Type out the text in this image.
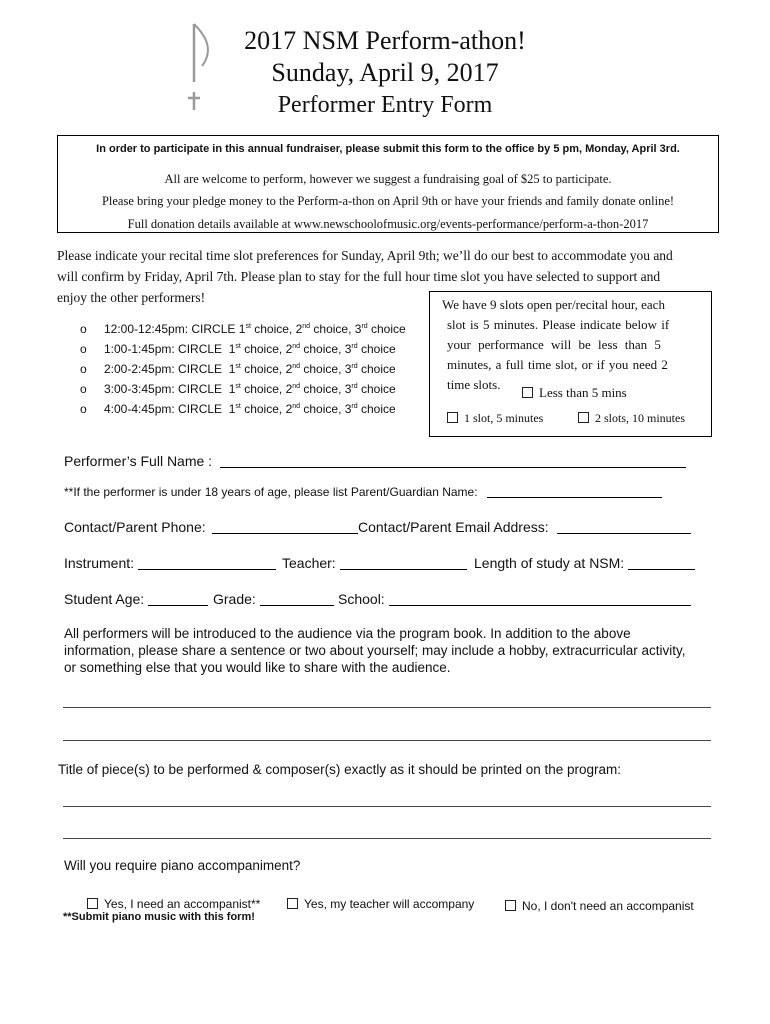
2017 NSM Perform-athon!
Sunday, April 9, 2017
Performer Entry Form
In order to participate in this annual fundraiser, please submit this form to the office by 5 pm, Monday, April 3rd.
All are welcome to perform, however we suggest a fundraising goal of $25 to participate.
Please bring your pledge money to the Perform-a-thon on April 9th or have your friends and family donate online!
Full donation details available at www.newschoolofmusic.org/events-performance/perform-a-thon-2017
Please indicate your recital time slot preferences for Sunday, April 9th; we’ll do our best to accommodate you and
will confirm by Friday, April 7th. Please plan to stay for the full hour time slot you have selected to support and
enjoy the other performers!
o 12:00-12:45pm: CIRCLE 1st choice, 2nd choice, 3rd choice
o 1:00-1:45pm: CIRCLE  1st choice, 2nd choice, 3rd choice
o 2:00-2:45pm: CIRCLE  1st choice, 2nd choice, 3rd choice
o 3:00-3:45pm: CIRCLE  1st choice, 2nd choice, 3rd choice
o 4:00-4:45pm: CIRCLE  1st choice, 2nd choice, 3rd choice
We have 9 slots open per/recital hour, each
slot is 5 minutes. Please indicate below if
your performance will be less than 5
minutes, a full time slot, or if you need 2
time slots.
Less than 5 mins
1 slot, 5 minutes	2 slots, 10 minutes
Performer’s Full Name :
**If the performer is under 18 years of age, please list Parent/Guardian Name:
Contact/Parent Phone:	Contact/Parent Email Address:
Instrument:	Teacher:	Length of study at NSM:
Student Age:	Grade:	School:
All performers will be introduced to the audience via the program book. In addition to the above
information, please share a sentence or two about yourself; may include a hobby, extracurricular activity,
or something else that you would like to share with the audience.
Title of piece(s) to be performed & composer(s) exactly as it should be printed on the program:
Will you require piano accompaniment?
Yes, I need an accompanist**	Yes, my teacher will accompany	No, I don't need an accompanist
**Submit piano music with this form!
